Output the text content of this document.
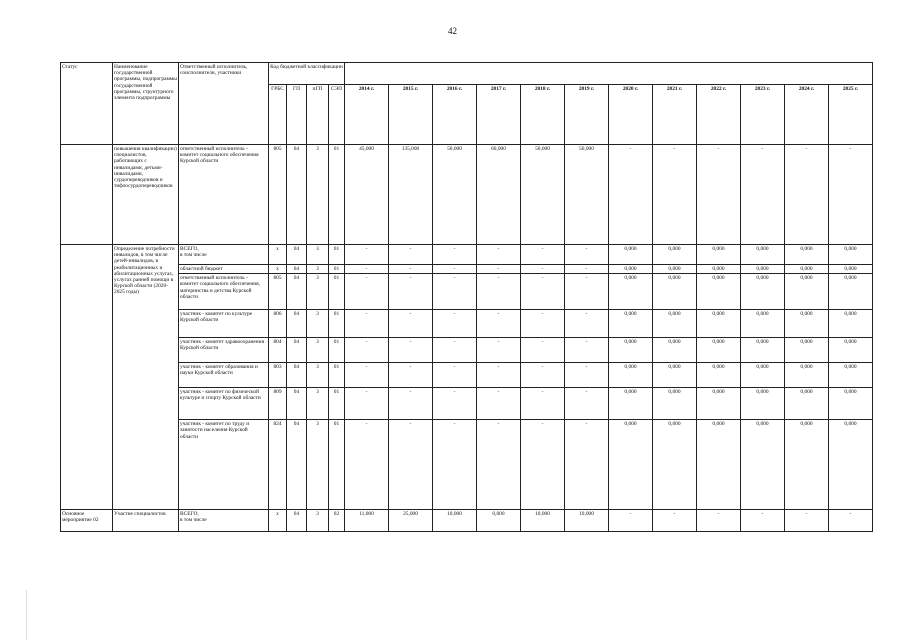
42
Статус	Наименование государственной программы, подпрограммы государственной программы, структурного элемента подпрограммы	Ответственный исполнитель, соисполнители, участники	Код бюджетной классификации															
			ГРБС	ГП	пГП	СЭП	2014 г.	2015 г.	2016 г.	2017 г.	2018 г.	2019 г.	2020 г.	2021 г.	2022 г.	2023 г.	2024 г.	2025 г.
	повышения квалификации) специалистов, работающих с инвалидами, детьми-инвалидами, сурдопереводчиков и тифлосурдопереводчиков	ответственный исполнитель - комитет социального обеспечения Курской области	805	04	3	01	45,000	135,000	50,000	60,000	50,000	50,000	-	-	-	-	-	-
	Определение потребности инвалидов, в том числе детей-инвалидов, в реабилитационных и абилитационных услугах, услугах ранней помощи в Курской области (2020-2025 годы)	ВСЕГО,
в том числе	x	04	3	01	-	-	-	-	-	-	0,000	0,000	0,000	0,000	0,000	0,000
		областной бюджет	x	04	3	01	-	-	-	-	-	-	0,000	0,000	0,000	0,000	0,000	0,000
		ответственный исполнитель - комитет социального обеспечения, материнства и детства Курской области	805	04	3	01	-	-	-	-	-	-	0,000	0,000	0,000	0,000	0,000	0,000
		участник - комитет по культуре Курской области	806	04	3	01	-	-	-	-	-	-	0,000	0,000	0,000	0,000	0,000	0,000
		участник - комитет здравоохранения Курской области	804	04	3	01	-	-	-	-	-	-	0,000	0,000	0,000	0,000	0,000	0,000
		участник - комитет образования и науки Курской области	803	04	3	01	-	-	-	-	-	-	0,000	0,000	0,000	0,000	0,000	0,000
		участник - комитет по физической культуре и спорту Курской области	809	04	3	01	-	-	-	-	-	-	0,000	0,000	0,000	0,000	0,000	0,000
		участник - комитет по труду и занятости населения Курской области	824	04	3	01	-	-	-	-	-	-	0,000	0,000	0,000	0,000	0,000	0,000
Основное мероприятие 02	Участие специалистов	ВСЕГО,
в том числе	x	04	3	02	11,000	25,000	10,000	0,000	10,000	10,000	-	-	-	-	-	-
